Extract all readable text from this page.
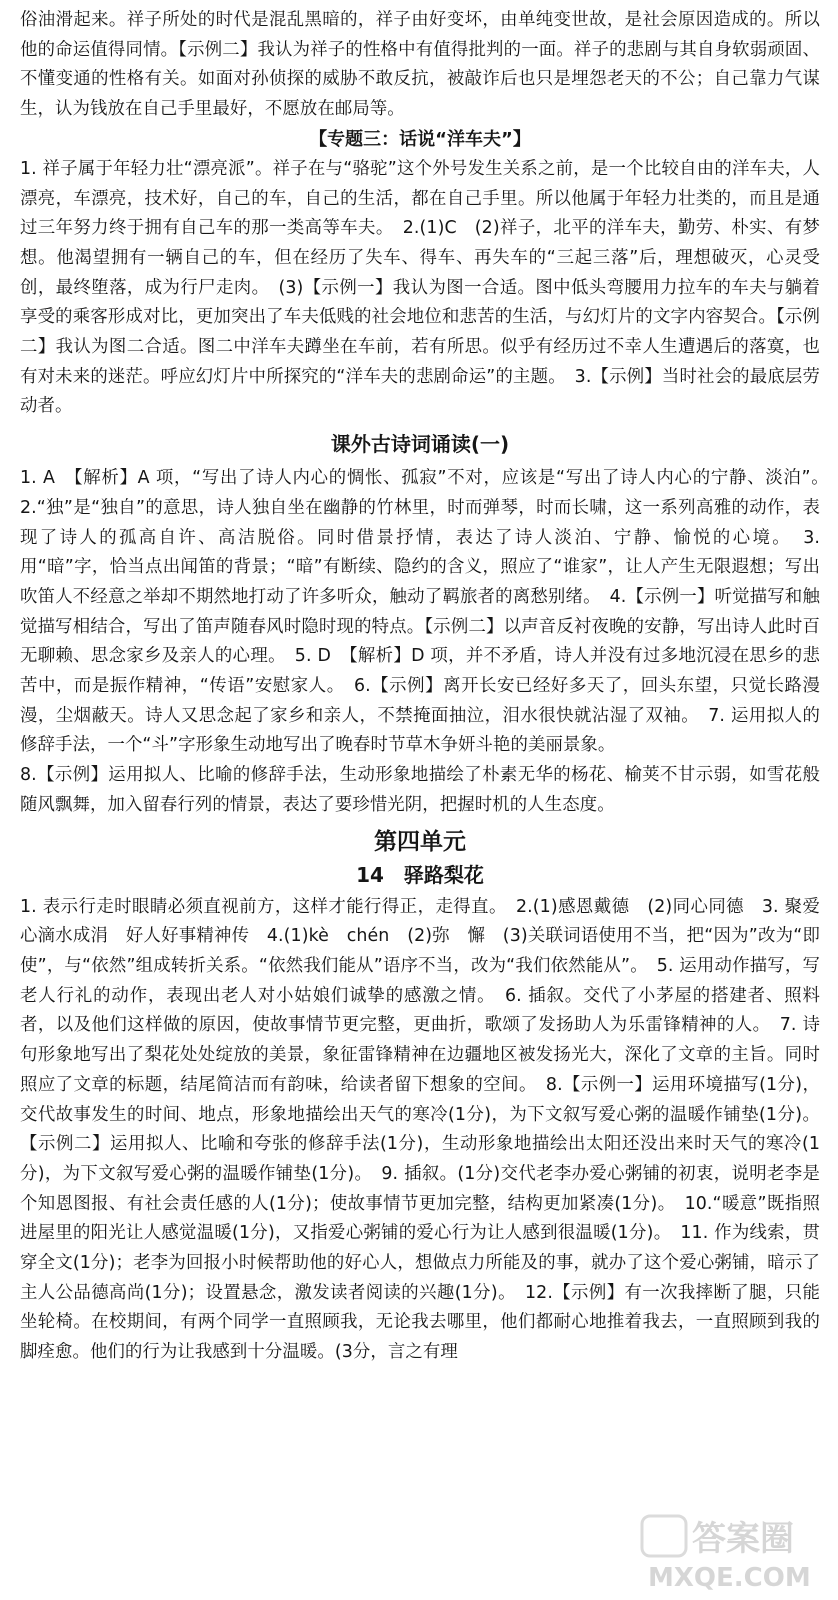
俗油滑起来。祥子所处的时代是混乱黑暗的，祥子由好变坏，由单纯变世故，是社会原因造成的。所以他的命运值得同情。【示例二】我认为祥子的性格中有值得批判的一面。祥子的悲剧与其自身软弱顽固、不懂变通的性格有关。如面对孙侦探的威胁不敢反抗，被敲诈后也只是埋怨老天的不公；自己靠力气谋生，认为钱放在自己手里最好，不愿放在邮局等。

【专题三：话说“洋车夫”】

1. 祥子属于年轻力壮“漂亮派”。祥子在与“骆驼”这个外号发生关系之前，是一个比较自由的洋车夫，人漂亮，车漂亮，技术好，自己的车，自己的生活，都在自己手里。所以他属于年轻力壮类的，而且是通过三年努力终于拥有自己车的那一类高等车夫。　2.(1)C　(2)祥子，北平的洋车夫，勤劳、朴实、有梦想。他渴望拥有一辆自己的车，但在经历了失车、得车、再失车的“三起三落”后，理想破灭，心灵受创，最终堕落，成为行尸走肉。　(3)【示例一】我认为图一合适。图中低头弯腰用力拉车的车夫与躺着享受的乘客形成对比，更加突出了车夫低贱的社会地位和悲苦的生活，与幻灯片的文字内容契合。【示例二】我认为图二合适。图二中洋车夫蹲坐在车前，若有所思。似乎有经历过不幸人生遭遇后的落寞，也有对未来的迷茫。呼应幻灯片中所探究的“洋车夫的悲剧命运”的主题。　3.【示例】当时社会的最底层劳动者。

课外古诗词诵读(一)

1. A　【解析】A 项，“写出了诗人内心的惆怅、孤寂”不对，应该是“写出了诗人内心的宁静、淡泊”。　2.“独”是“独自”的意思，诗人独自坐在幽静的竹林里，时而弹琴，时而长啸，这一系列高雅的动作，表现了诗人的孤高自许、高洁脱俗。同时借景抒情，表达了诗人淡泊、宁静、愉悦的心境。　3. 用“暗”字，恰当点出闻笛的背景；“暗”有断续、隐约的含义，照应了“谁家”，让人产生无限遐想；写出吹笛人不经意之举却不期然地打动了许多听众，触动了羁旅者的离愁别绪。　4.【示例一】听觉描写和触觉描写相结合，写出了笛声随春风时隐时现的特点。【示例二】以声音反衬夜晚的安静，写出诗人此时百无聊赖、思念家乡及亲人的心理。　5. D　【解析】D 项，并不矛盾，诗人并没有过多地沉浸在思乡的悲苦中，而是振作精神，“传语”安慰家人。　6.【示例】离开长安已经好多天了，回头东望，只觉长路漫漫，尘烟蔽天。诗人又思念起了家乡和亲人，不禁掩面抽泣，泪水很快就沾湿了双袖。　7. 运用拟人的修辞手法，一个“斗”字形象生动地写出了晚春时节草木争妍斗艳的美丽景象。

8.【示例】运用拟人、比喻的修辞手法，生动形象地描绘了朴素无华的杨花、榆荚不甘示弱，如雪花般随风飘舞，加入留春行列的情景，表达了要珍惜光阴，把握时机的人生态度。

第四单元

14　驿路梨花

1. 表示行走时眼睛必须直视前方，这样才能行得正，走得直。　2.(1)感恩戴德　(2)同心同德　3. 聚爱心滴水成涓　好人好事精神传　4.(1)kè　chén　(2)弥　懈　(3)关联词语使用不当，把“因为”改为“即使”，与“依然”组成转折关系。“依然我们能从”语序不当，改为“我们依然能从”。　5. 运用动作描写，写老人行礼的动作，表现出老人对小姑娘们诚挚的感激之情。　6. 插叙。交代了小茅屋的搭建者、照料者，以及他们这样做的原因，使故事情节更完整，更曲折，歌颂了发扬助人为乐雷锋精神的人。　7. 诗句形象地写出了梨花处处绽放的美景，象征雷锋精神在边疆地区被发扬光大，深化了文章的主旨。同时照应了文章的标题，结尾简洁而有韵味，给读者留下想象的空间。　8.【示例一】运用环境描写(1分)，交代故事发生的时间、地点，形象地描绘出天气的寒冷(1分)，为下文叙写爱心粥的温暖作铺垫(1分)。【示例二】运用拟人、比喻和夸张的修辞手法(1分)，生动形象地描绘出太阳还没出来时天气的寒冷(1分)，为下文叙写爱心粥的温暖作铺垫(1分)。　9. 插叙。(1分)交代老李办爱心粥铺的初衷，说明老李是个知恩图报、有社会责任感的人(1分)；使故事情节更加完整，结构更加紧凑(1分)。　10.“暖意”既指照进屋里的阳光让人感觉温暖(1分)，又指爱心粥铺的爱心行为让人感到很温暖(1分)。　11. 作为线索，贯穿全文(1分)；老李为回报小时候帮助他的好心人，想做点力所能及的事，就办了这个爱心粥铺，暗示了主人公品德高尚(1分)；设置悬念，激发读者阅读的兴趣(1分)。　12.【示例】有一次我摔断了腿，只能坐轮椅。在校期间，有两个同学一直照顾我，无论我去哪里，他们都耐心地推着我去，一直照顾到我的脚痊愈。他们的行为让我感到十分温暖。(3分，言之有理

答案圈
MXQE.COM
